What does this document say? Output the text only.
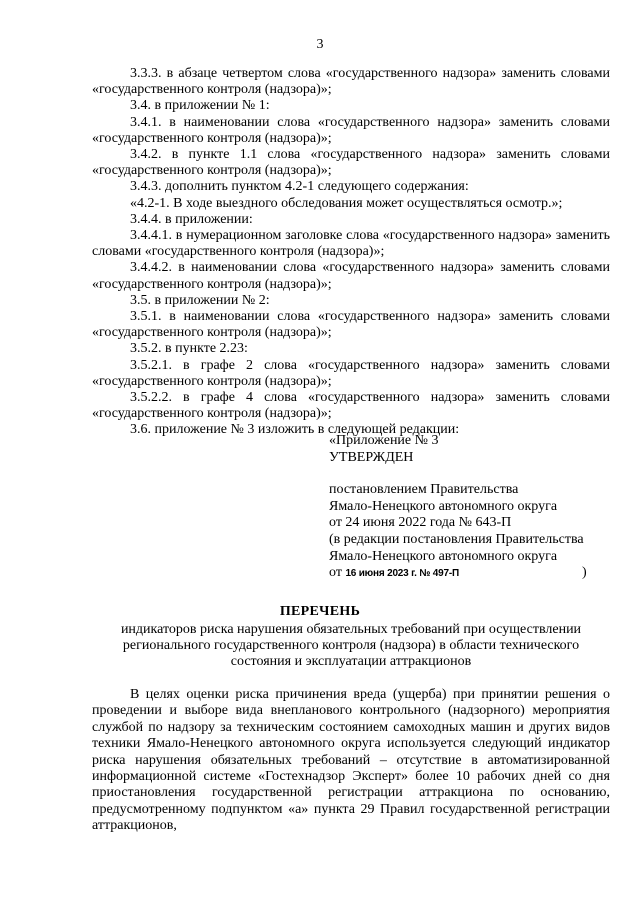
3

3.3.3. в абзаце четвертом слова «государственного надзора» заменить словами «государственного контроля (надзора)»;

3.4. в приложении № 1:

3.4.1. в наименовании слова «государственного надзора» заменить словами «государственного контроля (надзора)»;

3.4.2. в пункте 1.1 слова «государственного надзора» заменить словами «государственного контроля (надзора)»;

3.4.3. дополнить пунктом 4.2-1 следующего содержания:

«4.2-1. В ходе выездного обследования может осуществляться осмотр.»;

3.4.4. в приложении:

3.4.4.1. в нумерационном заголовке слова «государственного надзора» заменить словами «государственного контроля (надзора)»;

3.4.4.2. в наименовании слова «государственного надзора» заменить словами «государственного контроля (надзора)»;

3.5. в приложении № 2:

3.5.1. в наименовании слова «государственного надзора» заменить словами «государственного контроля (надзора)»;

3.5.2. в пункте 2.23:

3.5.2.1. в графе 2 слова «государственного надзора» заменить словами «государственного контроля (надзора)»;

3.5.2.2. в графе 4 слова «государственного надзора» заменить словами «государственного контроля (надзора)»;

3.6. приложение № 3 изложить в следующей редакции:

«Приложение № 3
УТВЕРЖДЕН
постановлением Правительства
Ямало-Ненецкого автономного округа
от 24 июня 2022 года № 643-П
(в редакции постановления Правительства
Ямало-Ненецкого автономного округа
от 16 июня 2023 г. № 497-П	)
ПЕРЕЧЕНЬ
индикаторов риска нарушения обязательных требований при осуществлении регионального государственного контроля (надзора) в области технического состояния и эксплуатации аттракционов

В целях оценки риска причинения вреда (ущерба) при принятии решения о проведении и выборе вида внепланового контрольного (надзорного) мероприятия службой по надзору за техническим состоянием самоходных машин и других видов техники Ямало-Ненецкого автономного округа используется следующий индикатор риска нарушения обязательных требований – отсутствие в автоматизированной информационной системе «Гостехнадзор Эксперт» более 10 рабочих дней со дня приостановления государственной регистрации аттракциона по основанию, предусмотренному подпунктом «а» пункта 29 Правил государственной регистрации аттракционов,
